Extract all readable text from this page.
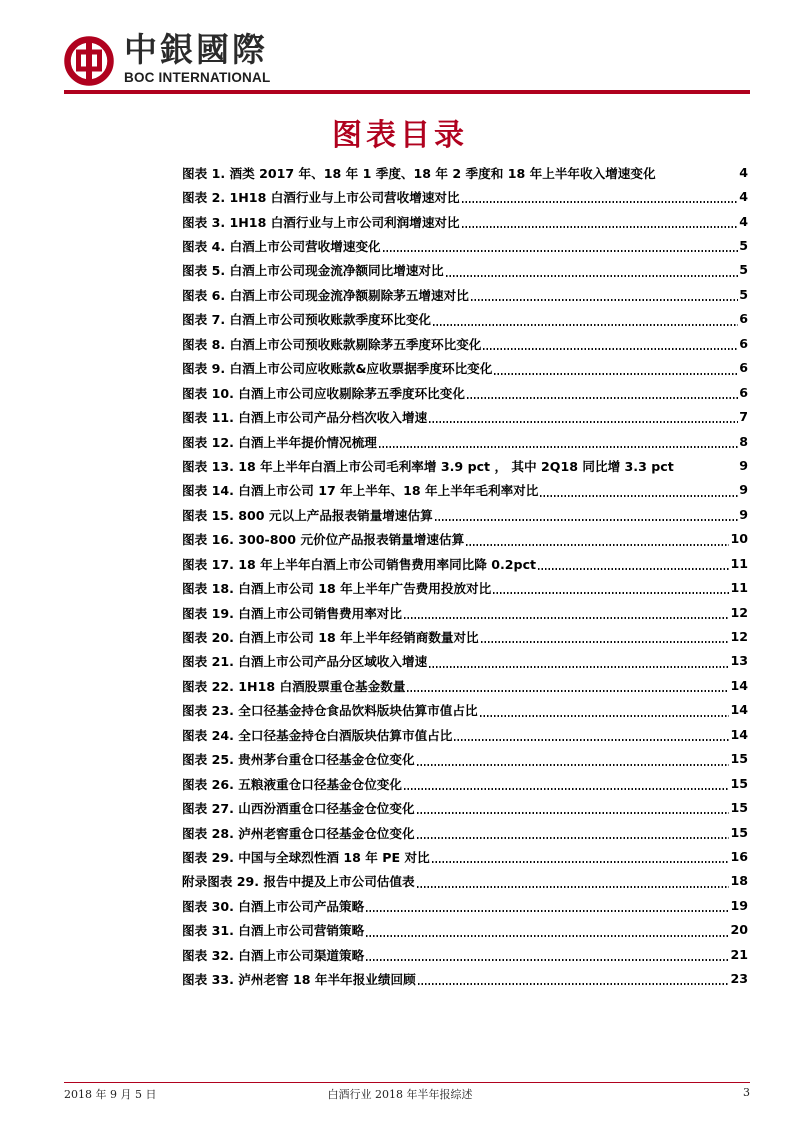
中銀國際
BOC INTERNATIONAL
图表目录
图表 1. 酒类 2017 年、18 年 1 季度、18 年 2 季度和 18 年上半年收入增速变化	4
图表 2. 1H18 白酒行业与上市公司营收增速对比	4
图表 3. 1H18 白酒行业与上市公司利润增速对比	4
图表 4. 白酒上市公司营收增速变化	5
图表 5. 白酒上市公司现金流净额同比增速对比	5
图表 6. 白酒上市公司现金流净额剔除茅五增速对比	5
图表 7. 白酒上市公司预收账款季度环比变化	6
图表 8. 白酒上市公司预收账款剔除茅五季度环比变化	6
图表 9. 白酒上市公司应收账款&应收票据季度环比变化	6
图表 10. 白酒上市公司应收剔除茅五季度环比变化	6
图表 11. 白酒上市公司产品分档次收入增速	7
图表 12. 白酒上半年提价情况梳理	8
图表 13. 18 年上半年白酒上市公司毛利率增 3.9 pct ， 其中 2Q18 同比增 3.3 pct	9
图表 14. 白酒上市公司 17 年上半年、18 年上半年毛利率对比	9
图表 15. 800 元以上产品报表销量增速估算	9
图表 16. 300-800 元价位产品报表销量增速估算	10
图表 17. 18 年上半年白酒上市公司销售费用率同比降 0.2pct	11
图表 18. 白酒上市公司 18 年上半年广告费用投放对比	11
图表 19. 白酒上市公司销售费用率对比	12
图表 20. 白酒上市公司 18 年上半年经销商数量对比	12
图表 21. 白酒上市公司产品分区域收入增速	13
图表 22. 1H18 白酒股票重仓基金数量	14
图表 23. 全口径基金持仓食品饮料版块估算市值占比	14
图表 24. 全口径基金持仓白酒版块估算市值占比	14
图表 25. 贵州茅台重仓口径基金仓位变化	15
图表 26. 五粮液重仓口径基金仓位变化	15
图表 27. 山西汾酒重仓口径基金仓位变化	15
图表 28. 泸州老窖重仓口径基金仓位变化	15
图表 29. 中国与全球烈性酒 18 年 PE 对比	16
附录图表 29. 报告中提及上市公司估值表	18
图表 30. 白酒上市公司产品策略	19
图表 31. 白酒上市公司营销策略	20
图表 32. 白酒上市公司渠道策略	21
图表 33. 泸州老窖 18 年半年报业绩回顾	23
2018 年 9 月 5 日	白酒行业 2018 年半年报综述	3
